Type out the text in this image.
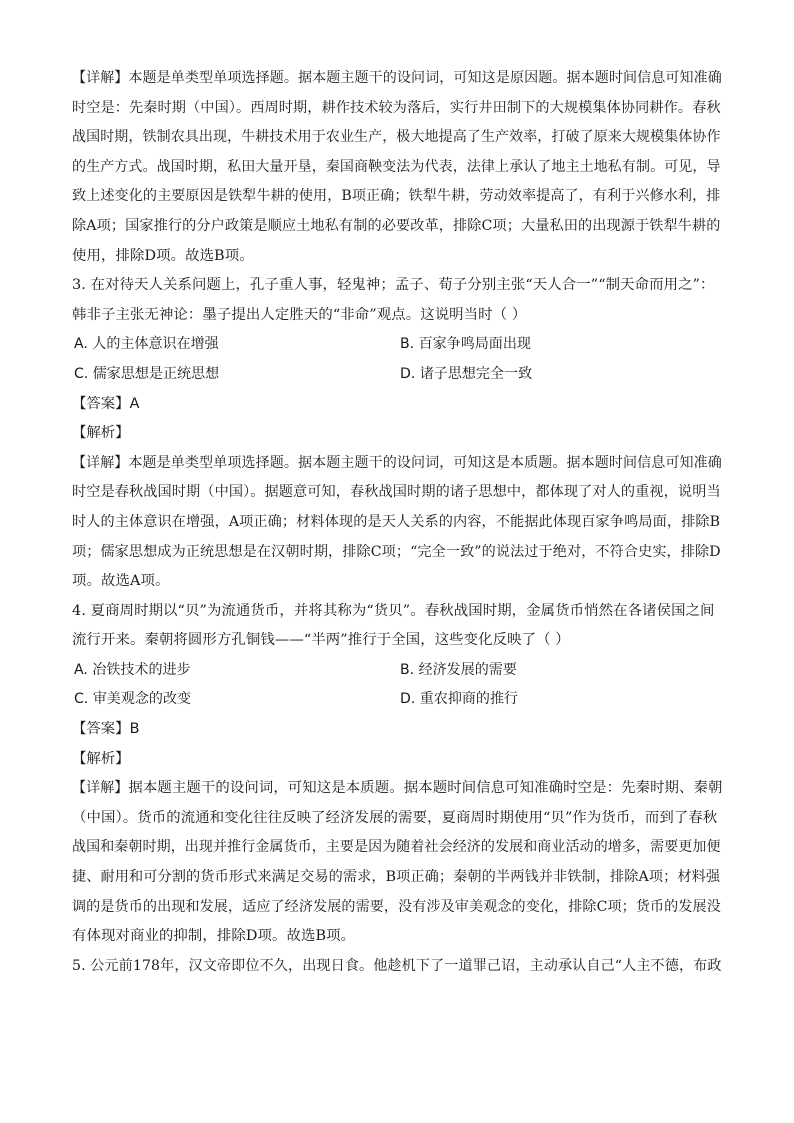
【详解】本题是单类型单项选择题。据本题主题干的设问词，可知这是原因题。据本题时间信息可知准确
时空是：先秦时期（中国）。西周时期，耕作技术较为落后，实行井田制下的大规模集体协同耕作。春秋
战国时期，铁制农具出现，牛耕技术用于农业生产，极大地提高了生产效率，打破了原来大规模集体协作
的生产方式。战国时期，私田大量开垦，秦国商鞅变法为代表，法律上承认了地主土地私有制。可见，导
致上述变化的主要原因是铁犁牛耕的使用，B项正确；铁犁牛耕，劳动效率提高了，有利于兴修水利，排
除A项；国家推行的分户政策是顺应土地私有制的必要改革，排除C项；大量私田的出现源于铁犁牛耕的
使用，排除D项。故选B项。
3. 在对待天人关系问题上，孔子重人事，轻鬼神；孟子、荀子分别主张“天人合一”“制天命而用之”：
韩非子主张无神论：墨子提出人定胜天的“非命”观点。这说明当时（ ）
A. 人的主体意识在增强	B. 百家争鸣局面出现
C. 儒家思想是正统思想	D. 诸子思想完全一致
【答案】A
【解析】
【详解】本题是单类型单项选择题。据本题主题干的设问词，可知这是本质题。据本题时间信息可知准确
时空是春秋战国时期（中国）。据题意可知，春秋战国时期的诸子思想中，都体现了对人的重视，说明当
时人的主体意识在增强，A项正确；材料体现的是天人关系的内容，不能据此体现百家争鸣局面，排除B
项；儒家思想成为正统思想是在汉朝时期，排除C项；“完全一致”的说法过于绝对，不符合史实，排除D
项。故选A项。
4. 夏商周时期以“贝”为流通货币，并将其称为“货贝”。春秋战国时期，金属货币悄然在各诸侯国之间
流行开来。秦朝将圆形方孔铜钱——“半两”推行于全国，这些变化反映了（ ）
A. 冶铁技术的进步	B. 经济发展的需要
C. 审美观念的改变	D. 重农抑商的推行
【答案】B
【解析】
【详解】据本题主题干的设问词，可知这是本质题。据本题时间信息可知准确时空是：先秦时期、秦朝
（中国）。货币的流通和变化往往反映了经济发展的需要，夏商周时期使用“贝”作为货币，而到了春秋
战国和秦朝时期，出现并推行金属货币，主要是因为随着社会经济的发展和商业活动的增多，需要更加便
捷、耐用和可分割的货币形式来满足交易的需求，B项正确；秦朝的半两钱并非铁制，排除A项；材料强
调的是货币的出现和发展，适应了经济发展的需要，没有涉及审美观念的变化，排除C项；货币的发展没
有体现对商业的抑制，排除D项。故选B项。
5. 公元前178年，汉文帝即位不久，出现日食。他趁机下了一道罪己诏，主动承认自己“人主不德，布政
